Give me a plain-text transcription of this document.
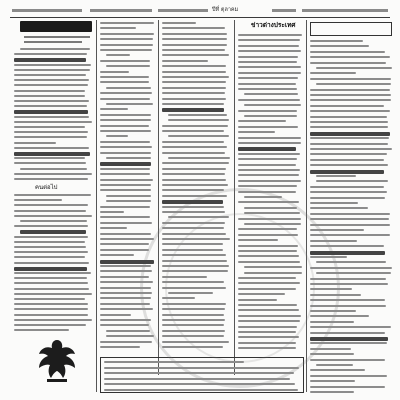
ปีที่ ตุลาคม
คนต่อไป
ข่าวต่างประเทศ
